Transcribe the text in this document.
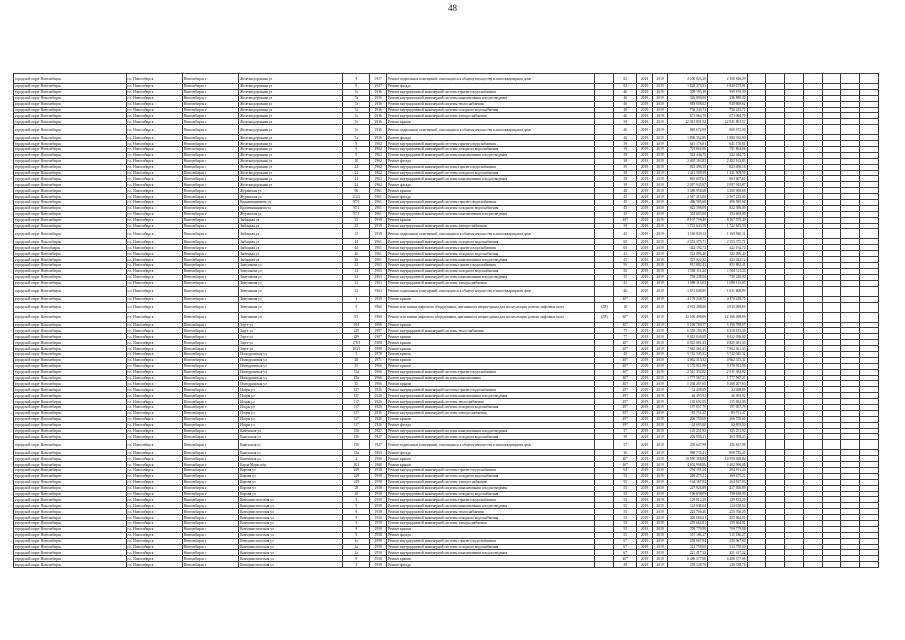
48
городской округ Новосибирск	г.о. Новосибирск	Новосибирск г	Железнодорожная ул	9	1957	Ремонт подвальных помещений, относящихся к общему имуществу в многоквартирном доме		82	2019	2019	2 100 826,29	2 100 826,29							
городской округ Новосибирск	г.о. Новосибирск	Новосибирск г	Железнодорожная ул	9	1957	Ремонт фасада		82	2019	2019	1 820 375,91	1 820 375,91							
городской округ Новосибирск	г.о. Новосибирск	Новосибирск г	Железнодорожная ул	7а	1936	Ремонт внутридомовой инженерной системы горячего водоснабжения		46	2019	2019	599 193,39	599 193,39							
городской округ Новосибирск	г.о. Новосибирск	Новосибирск г	Железнодорожная ул	7а	1936	Ремонт внутридомовой инженерной системы канализования и водоотведения		46	2019	2019	326 890,00	326 890,00							
городской округ Новосибирск	г.о. Новосибирск	Новосибирск г	Железнодорожная ул	7а	1936	Ремонт внутридомовой инженерной системы теплоснабжения		46	2019	2019	949 908,62	949 908,62							
городской округ Новосибирск	г.о. Новосибирск	Новосибирск г	Железнодорожная ул	7а	1936	Ремонт внутридомовой инженерной системы холодного водоснабжения		46	2019	2019	750 243,71	750 243,71							
городской округ Новосибирск	г.о. Новосибирск	Новосибирск г	Железнодорожная ул	7а	1936	Ремонт внутридомовой инженерной системы электроснабжения		46	2019	2019	673 064,79	673 064,79							
городской округ Новосибирск	г.о. Новосибирск	Новосибирск г	Железнодорожная ул	7а	1936	Ремонт крыши		50	2019	2019	22 941 891,52	22 941 891,52							
городской округ Новосибирск	г.о. Новосибирск	Новосибирск г	Железнодорожная ул	7а	1936	Ремонт подвальных помещений, относящихся к общему имуществу в многоквартирном доме		46	2019	2019	869 672,00	869 672,00							
городской округ Новосибирск	г.о. Новосибирск	Новосибирск г	Железнодорожная ул	7а	1936	Ремонт фасада		46	2019	2019	1 890 352,89	1 890 352,89							
городской округ Новосибирск	г.о. Новосибирск	Новосибирск г	Железнодорожная ул	8	1962	Ремонт внутридомовой инженерной системы горячего водоснабжения		39	2019	2019	641 176,81	641 176,81							
городской округ Новосибирск	г.о. Новосибирск	Новосибирск г	Железнодорожная ул	8	1962	Ремонт внутридомовой инженерной системы холодного водоснабжения		39	2019	2019	791 862,06	791 862,06							
городской округ Новосибирск	г.о. Новосибирск	Новосибирск г	Железнодорожная ул	8	1962	Ремонт внутридомовой инженерной системы канализования и водоотведения		39	2019	2019	522 444,75	522 444,75							
городской округ Новосибирск	г.о. Новосибирск	Новосибирск г	Железнодорожная ул	10	1962	Ремонт фасада		38	2019	2019	2 492 163,83	2 492 163,83							
городской округ Новосибирск	г.о. Новосибирск	Новосибирск г	Железнодорожная ул	24	1962	Ремонт внутридомовой инженерной системы горячего водоснабжения		39	2019	2019	823 496,18	823 496,18							
городской округ Новосибирск	г.о. Новосибирск	Новосибирск г	Железнодорожная ул	24	1962	Ремонт внутридомовой инженерной системы холодного водоснабжения		39	2019	2019	1 411 509,59	1 411 509,59							
городской округ Новосибирск	г.о. Новосибирск	Новосибирск г	Железнодорожная ул	24	1962	Ремонт внутридомовой инженерной системы канализования и водоотведения		39	2019	2019	663 607,61	663 607,61							
городской округ Новосибирск	г.о. Новосибирск	Новосибирск г	Железнодорожная ул	24	1962	Ремонт фасада		39	2019	2019	2 097 945,87	2 097 945,87							
городской округ Новосибирск	г.о. Новосибирск	Новосибирск г	Журинская ул	96	1961	Ремонт крыши		48	2019	2019	3 380 958,68	3 380 958,68							
городской округ Новосибирск	г.о. Новосибирск	Новосибирск г	Журинская ул	114/2	1961	Ремонт фасада		45	2019	2019	2 567 213,00	2 567 213,00							
городской округ Новосибирск	г.о. Новосибирск	Новосибирск г	Крашенинникова ул	97/1	1961	Ремонт внутридомовой инженерной системы горячего водоснабжения		45	2019	2019	496 585,68	496 585,68							
городской округ Новосибирск	г.о. Новосибирск	Новосибирск г	Крашенинникова ул	97/1	1961	Ремонт внутридомовой инженерной системы холодного водоснабжения		45	2019	2019	822 398,09	822 398,09							
городской округ Новосибирск	г.о. Новосибирск	Новосибирск г	Журинская ул	97/1	1961	Ремонт внутридомовой инженерной системы канализования и водоотведения		45	2019	2019	354 603,00	354 603,00							
городской округ Новосибирск	г.о. Новосибирск	Новосибирск г	Зыбицкая ул	35	1959	Ремонт крыши		49*	2019	2019	8 167 709,49	8 167 709,49							
городской округ Новосибирск	г.о. Новосибирск	Новосибирск г	Зыбицкая ул	35	1959	Ремонт внутридомовой инженерной системы электроснабжения		50	2019	2019	1 722 643,59	1 722 643,59							
городской округ Новосибирск	г.о. Новосибирск	Новосибирск г	Зыбицкая ул	35	1959	Ремонт подвальных помещений, относящихся к общему имуществу в многоквартирном доме		45	2019	2019	1 169 820,11	1 169 820,11							
городской округ Новосибирск	г.о. Новосибирск	Новосибирск г	Зыбицкая ул	44	1961	Ремонт внутридомовой инженерной системы холодного водоснабжения		60	2019	2019	2 353 375,71	2 353 375,71							
городской округ Новосibирск	г.о. Новосибирск	Новосибирск г	Зыбицкая ул	44	1961	Ремонт внутридомовой инженерной системы горячего водоснабжения		60	2019	2019	422 192,72	422 192,72							
городской округ Новосибирск	г.о. Новосибирск	Новосибирск г	Зыбицкая ул	46	1961	Ремонт внутридомовой инженерной системы холодного водоснабжения		41	2019	2019	522 096,40	522 096,40							
городской округ Новосибирск	г.о. Новосибирск	Новосибирск г	Зыбицкая ул	46	1961	Ремонт внутридомовой инженерной системы канализования и водоотведения		45	2019	2019	325 022,12	325 022,12							
городской округ Новосибирск	г.о. Новосибирск	Новосибирск г	Зимушкова ул	12	1963	Ремонт внутридомовой инженерной системы горячего водоснабжения		50	2019	2019	851 882,41	851 882,41							
городской округ Новосибирск	г.о. Новосибирск	Новосибирск г	Зимушкова ул	12	1963	Ремонт внутридомовой инженерной системы холодного водоснабжения		50	2019	2019	1 504 111,24	1 504 111,24							
городской округ Новосибирск	г.о. Новосибирск	Новосибирск г	Зимушкова ул	12	1963	Ремонт внутридомовой инженерной системы канализования и водоотведения		35	2019	2019	736 248,00	736 248,00							
городской округ Новосибирск	г.о. Новосибирск	Новосибирск г	Зимушкова ул	12	1963	Ремонт внутридомовой инженерной системы электроснабжения		41	2019	2019	1 088 113,03	1 088 113,03							
городской округ Новосибирск	г.о. Новосибирск	Новосибирск г	Зимушкова ул	12	1963	Ремонт подвальных помещений, относящихся к общему имуществу в многоквартирном доме		46	2019	2019	1 631 608,99	1 631 608,99							
городской округ Новосибирск	г.о. Новосибирск	Новосибирск г	Зимушкова ул	1	1959	Ремонт крыши		40*	2019	2019	4 170 248,75	4 170 248,75							
городской округ Новосибирск	г.о. Новосибирск	Новосибирск г	Зимушкова ул	9	1960	Ремонт или замена лифтового оборудования, признанного непригодным для эксплуатации, ремонт лифтовых шахт	(ЛР)	18	2019	2019	4 915 498,06	4 915 498,06							
городской округ Новосибирск	г.о. Новосибирск	Новосибирск г	Зимушкова ул	9/1	1960	Ремонт или замена лифтового оборудования, признанного непригодным для эксплуатации, ремонт лифтовых шахт	(ЛР)	40*	2019	2019	12 166 498,06	12 166 498,06							
городской округ Новосибирск	г.о. Новосибирск	Новосибирск г	Зорге ул	184	1986	Ремонт крыши		40*	2019	2019	5 196 789,57	5 196 789,57							
городской округ Новосибирск	г.о. Новосибирск	Новосибирск г	Зорге ул	229	1987	Ремонт внутридомовой инженерной системы теплоснабжения		77	2019	2019	6 338 183,39	6 338 183,39							
городской округ Новосибирск	г.о. Новосибирск	Новосибирск г	Зорге ул	229	1987	Ремонт крыши		77	2019	2019	8 422 036,80	8 422 036,80							
городской округ Новосибирск	г.о. Новосибирск	Новосибирск г	Зорге ул	179/1	1988	Ремонт крыши		40*	2019	2019	8 825 081,43	8 825 081,43							
городской округ Новосибирск	г.о. Новосибирск	Новосибирск г	Зорге ул	183/1	1988	Ремонт крыши		40*	2019	2019	7 862 361,43	7 862 361,43							
городской округ Новосибирск	г.о. Новосибирск	Новосибирск г	Ипподромская ул	5	1970	Ремонт крыши		45	2019	2019	5 742 345,31	5 742 345,31							
городской округ Новосибирск	г.о. Новосибирск	Новосибирск г	Ипподромская ул	28	1971	Ремонт крыши		40*	2019	2019	4 962 315,32	4 962 315,32							
городской округ Новосибирск	г.о. Новосибирск	Новосибирск г	Ипподромская ул	35	1966	Ремонт крыши		40*	2019	2019	5 176 911,96	5 176 911,96							
городской округ Новосибирск	г.о. Новосибирск	Новосибирск г	Ипподромская ул	15а	1966	Ремонт внутридомовой инженерной системы горячего водоснабжения		40*	2019	2019	2 541 352,02	2 541 352,02							
городской округ Новосибирск	г.о. Новосибирск	Новосибирск г	Ипподромская ул	15а	1966	Ремонт внутридомовой инженерной системы канализования		40*	2019	2019	1 777 567,21	1 777 567,21							
городской округ Новосибирск	г.о. Новосибирск	Новосибирск г	Ипподромская ул	15	1966	Ремонт крыши		40*	2019	2019	5 268 267,65	5 268 267,65							
городской округ Новосибирск	г.о. Новосибирск	Новосибирск г	Искры ул	117	1926	Ремонт внутридомовой инженерной системы горячего водоснабжения		49*	2019	2019	32 498,89	32 498,89							
городской округ Новосибирск	г.о. Новосибирск	Новосибирск г	Искры ул	117	1926	Ремонт внутридомовой инженерной системы канализования и водоотведения		49*	2019	2019	46 493,92	46 493,92							
городской округ Новосибирск	г.о. Новосибирск	Новосибирск г	Искры ул	117	1926	Ремонт внутридомовой инженерной системы теплоснабжения		49*	2019	2019	135 692,09	135 692,09							
городской округ Новосибирск	г.о. Новосибирск	Новосибирск г	Искры ул	117	1926	Ремонт внутридомовой инженерной системы холодного водоснабжения		49*	2019	2019	197 057,79	197 057,79							
городской округ Новосибирск	г.о. Новосибирск	Новосибирск г	Искры ул	117	1926	Ремонт внутридомовой инженерной системы электроснабжения		49*	2019	2019	85 751,47	85 751,47							
городской округ Новосибирск	г.о. Новосибирск	Новосибирск г	Искры ул	117	1926	Ремонт крыши		49*	2019	2019	266 759,69	266 759,69							
городской округ Новосибирск	г.о. Новосибирск	Новосибирск г	Искры ул	117	1926	Ремонт фасада		49*	2019	2019	62 693,00	62 693,00							
городской округ Новосибирск	г.о. Новосибирск	Новосибирск г	Каменская ул	156	1927	Ремонт внутридомовой инженерной системы канализования и водоотведения		57	2019	2019	125 251,92	125 251,92							
городской округ Новосибирск	г.о. Новосибирск	Новосибирск г	Каменская ул	156	1927	Ремонт внутридомовой инженерной системы холодного водоснабжения		58	2019	2019	203 958,23	203 958,23							
городской округ Новосибирск	г.о. Новосибирск	Новосибирск г	Каменская ул	156	1927	Ремонт подвальных помещений, относящихся к общему имуществу в многоквартирном доме		57	2019	2019	256 647,98	256 647,98							
городской округ Новосибирск	г.о. Новосибирск	Новосибирск г	Каменская ул	15а	1963	Ремонт фасада		36	2019	2019	868 735,41	868 735,41							
городской округ Новосибирск	г.о. Новосибирск	Новосибирск г	Каменская ул	2	1986	Ремонт крыши		40*	2019	2019	10 590 368,84	10 590 368,84							
городской округ Новосибирск	г.о. Новосибирск	Новосибирск г	Карла Маркса пр	101	1968	Ремонт крыши		40*	2019	2019	4 402 998,86	4 402 998,86							
городской округ Новосибирск	г.о. Новосибирск	Новосибирск г	Кирова ул	249	1958	Ремонт внутридомовой инженерной системы горячего водоснабжения		64	2019	2019	294 191,24	294 191,24							
городской округ Новосибирск	г.о. Новосибирск	Новосибирск г	Кирова ул	249	1958	Ремонт внутридомовой инженерной системы холодного водоснабжения		55	2019	2019	269 475,21	269 475,21							
городской округ Новосибирск	г.о. Новосибирск	Новосибирск г	Кирова ул	249	1958	Ремонт внутридомовой инженерной системы электроснабжения		55	2019	2019	164 167,03	164 167,03							
городской округ Новосибирск	г.о. Новосибирск	Новосибирск г	Кирова ул	28	1958	Ремонт внутридомовой инженерной системы канализования и водоотведения		55	2019	2019	227 926,89	227 926,89							
городской округ Новосибирск	г.о. Новосибирск	Новосибирск г	Кирова ул	28	1958	Ремонт внутридомовой инженерной системы холодного водоснабжения		55	2019	2019	198 638,09	198 638,09							
городской округ Новосибирск	г.о. Новосибирск	Новосибирск г	Коммунистическая ул	9	1958	Ремонт внутридомовой инженерной системы горячего водоснабжения		55	2019	2019	129 812,29	129 812,29							
городской округ Новосибирск	г.о. Новосибирск	Новосибирск г	Коммунистическая ул	9	1958	Ремонт внутридомовой инженерной системы канализования и водоотведения		55	2019	2019	114 638,04	114 638,04							
городской округ Новосибирск	г.о. Новосибирск	Новосибирск г	Коммунистическая ул	9	1958	Ремонт внутридомовой инженерной системы теплоснабжения		55	2019	2019	223 706,20	223 706,20							
городской округ Новосибирск	г.о. Новосибирск	Новосибирск г	Коммунистическая ул	9	1958	Ремонт внутридомовой инженерной системы холодного водоснабжения		55	2019	2019	205 684,01	205 684,01							
городской округ Новосибирск	г.о. Новосибирск	Новосибирск г	Коммунистическая ул	9	1958	Ремонт внутридомовой инженерной системы электроснабжения		55	2019	2019	259 664,81	259 664,81							
городской округ Новосибирск	г.о. Новосибирск	Новосибирск г	Коммунистическая ул	9	1958	Ремонт крыши		55	2019	2019	709 779,98	709 779,98							
городской округ Новосибирск	г.о. Новосибирск	Новосибирск г	Коммунистическая ул	9	1958	Ремонт фасада		55	2019	2019	515 186,27	515 186,27							
городской округ Новосибирск	г.о. Новосибирск	Новосибирск г	Коммунистическая ул	1а	1958	Ремонт внутридомовой инженерной системы горячего водоснабжения		67	2019	2019	258 067,84	258 067,84							
городской округ Новосибирск	г.о. Новосибирск	Новосибирск г	Коммунистическая ул	1а	1958	Ремонт внутридомовой инженерной системы холодного водоснабжения		67	2019	2019	314 758,00	314 758,00							
городской округ Новосибирск	г.о. Новосибирск	Новосибирск г	Коммунистическая ул	1а	1958	Ремонт внутридомовой инженерной системы канализования и водоотведения		67	2019	2019	221 417,22	221 417,22							
городской округ Новосибирск	г.о. Новосибирск	Новосибирск г	Коммунистическая ул	9	1958	Ремонт крыши		40*	2019	2019	6 486 377,96	6 486 377,96							
городской округ Новосибирск	г.о. Новосибирск	Новосибирск г	Коммунистическая ул	5	1958	Ремонт фасада		49	2019	2019	238 338,76	238 338,76							
